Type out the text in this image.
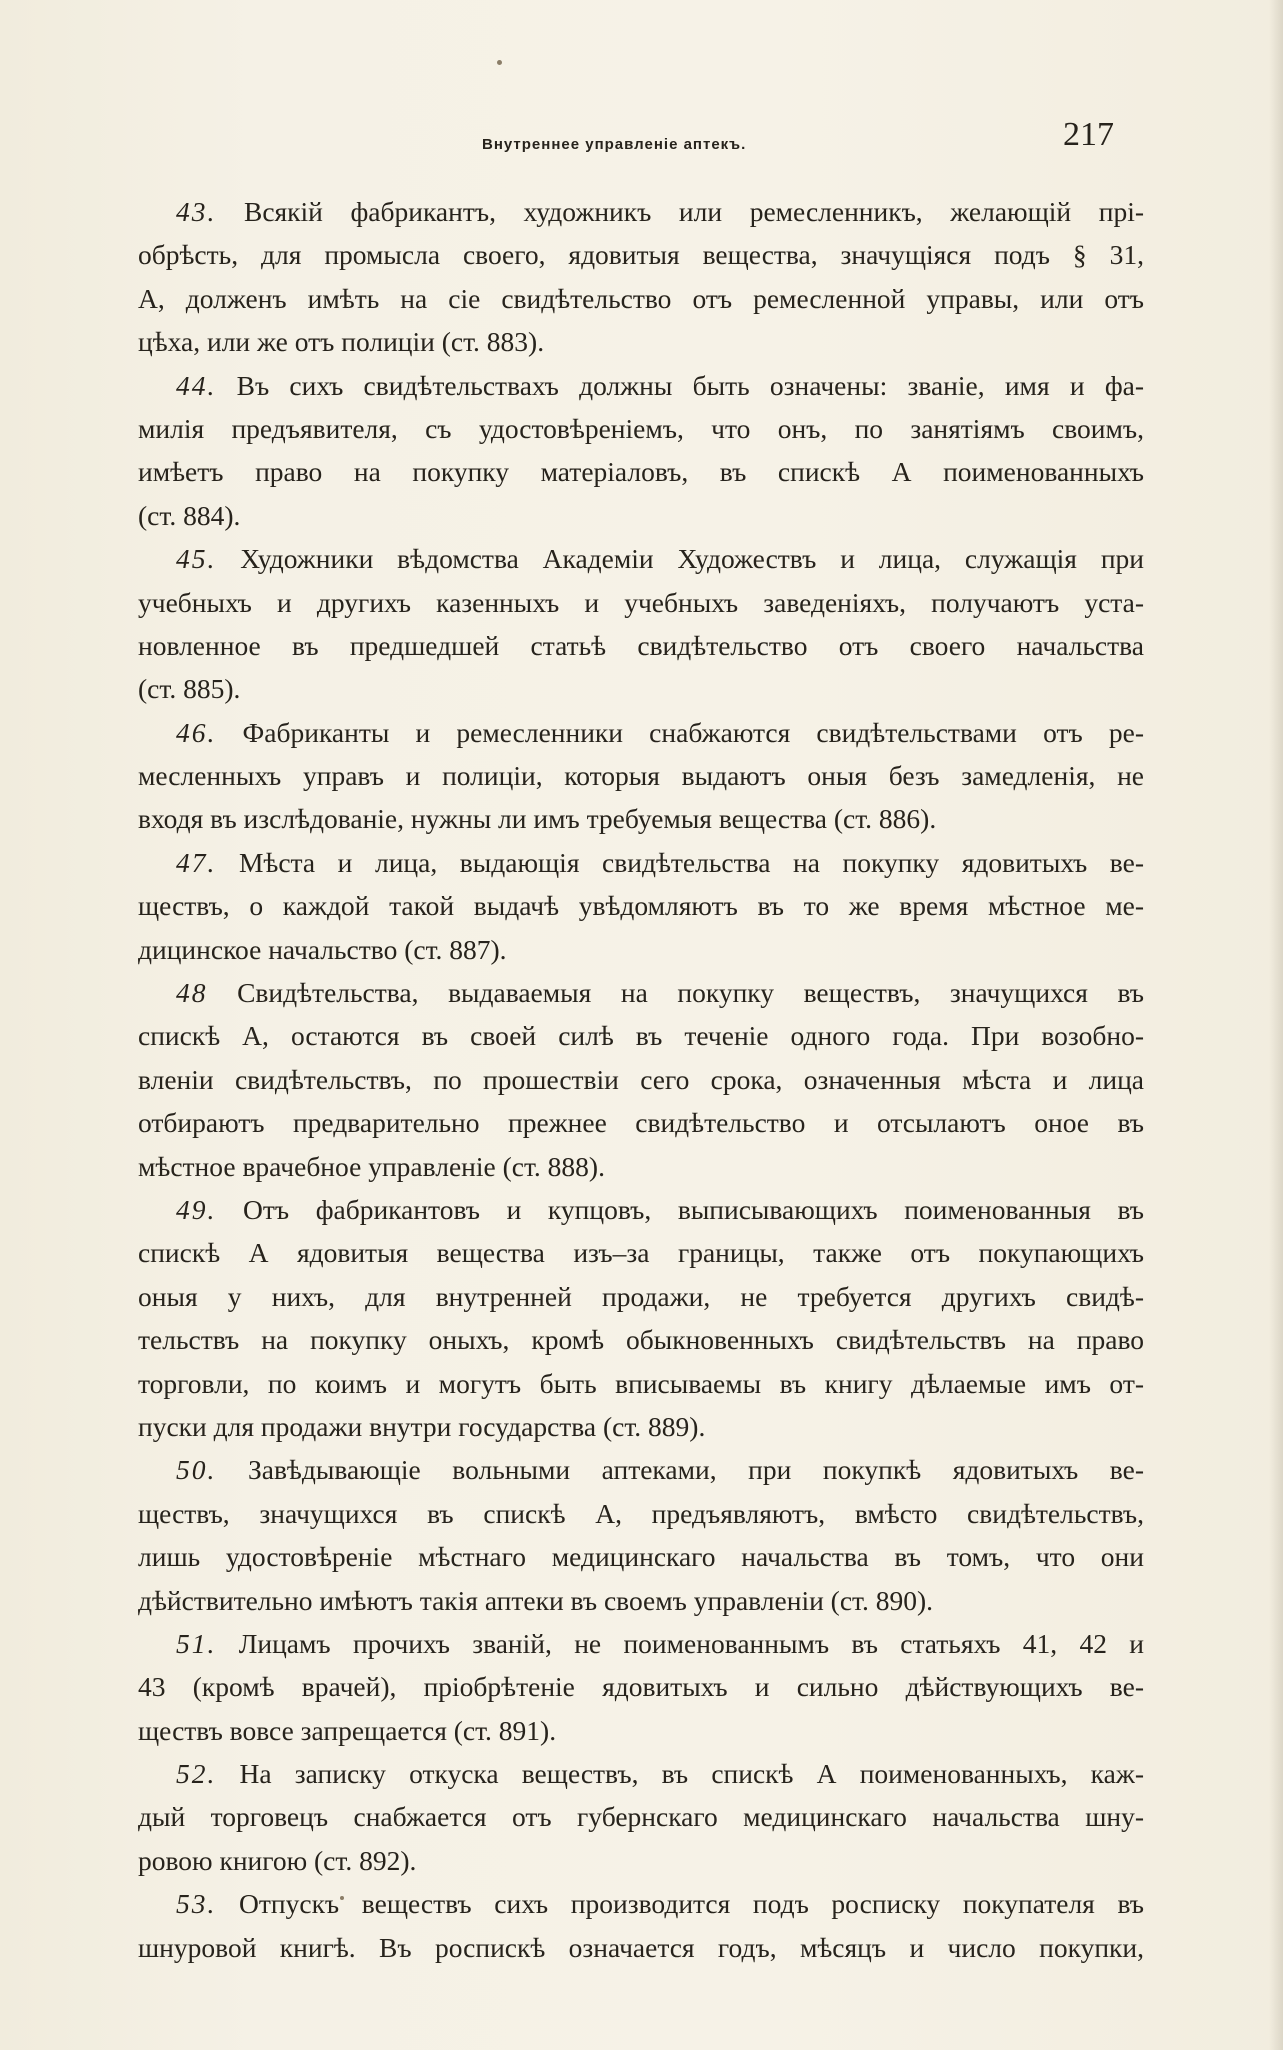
Внутреннее управленіе аптекъ.	217
43. Всякій фабрикантъ, художникъ или ремесленникъ, желающій прі-
обрѣсть, для промысла своего, ядовитыя вещества, значущіяся подъ § 31,
А, долженъ имѣть на сіе свидѣтельство отъ ремесленной управы, или отъ
цѣха, или же отъ полиціи (ст. 883).
44. Въ сихъ свидѣтельствахъ должны быть означены: званіе, имя и фа-
милія предъявителя, съ удостовѣреніемъ, что онъ, по занятіямъ своимъ,
имѣетъ право на покупку матеріаловъ, въ спискѣ А поименованныхъ
(ст. 884).
45. Художники вѣдомства Академіи Художествъ и лица, служащія при
учебныхъ и другихъ казенныхъ и учебныхъ заведеніяхъ, получаютъ уста-
новленное въ предшедшей статьѣ свидѣтельство отъ своего начальства
(ст. 885).
46. Фабриканты и ремесленники снабжаются свидѣтельствами отъ ре-
месленныхъ управъ и полиціи, которыя выдаютъ оныя безъ замедленія, не
входя въ изслѣдованіе, нужны ли имъ требуемыя вещества (ст. 886).
47. Мѣста и лица, выдающія свидѣтельства на покупку ядовитыхъ ве-
ществъ, о каждой такой выдачѣ увѣдомляютъ въ то же время мѣстное ме-
дицинское начальство (ст. 887).
48 Свидѣтельства, выдаваемыя на покупку веществъ, значущихся въ
спискѣ А, остаются въ своей силѣ въ теченіе одного года. При возобно-
вленіи свидѣтельствъ, по прошествіи сего срока, означенныя мѣста и лица
отбираютъ предварительно прежнее свидѣтельство и отсылаютъ оное въ
мѣстное врачебное управленіе (ст. 888).
49. Отъ фабрикантовъ и купцовъ, выписывающихъ поименованныя въ
спискѣ А ядовитыя вещества изъ–за границы, также отъ покупающихъ
оныя у нихъ, для внутренней продажи, не требуется другихъ свидѣ-
тельствъ на покупку оныхъ, кромѣ обыкновенныхъ свидѣтельствъ на право
торговли, по коимъ и могутъ быть вписываемы въ книгу дѣлаемые имъ от-
пуски для продажи внутри государства (ст. 889).
50. Завѣдывающіе вольными аптеками, при покупкѣ ядовитыхъ ве-
ществъ, значущихся въ спискѣ А, предъявляютъ, вмѣсто свидѣтельствъ,
лишь удостовѣреніе мѣстнаго медицинскаго начальства въ томъ, что они
дѣйствительно имѣютъ такія аптеки въ своемъ управленіи (ст. 890).
51. Лицамъ прочихъ званій, не поименованнымъ въ статьяхъ 41, 42 и
43 (кромѣ врачей), пріобрѣтеніе ядовитыхъ и сильно дѣйствующихъ ве-
ществъ вовсе запрещается (ст. 891).
52. На записку откуска веществъ, въ спискѣ А поименованныхъ, каж-
дый торговецъ снабжается отъ губернскаго медицинскаго начальства шну-
ровою книгою (ст. 892).
53. Отпускъ веществъ сихъ производится подъ росписку покупателя въ
шнуровой книгѣ. Въ роспискѣ означается годъ, мѣсяцъ и число покупки,
